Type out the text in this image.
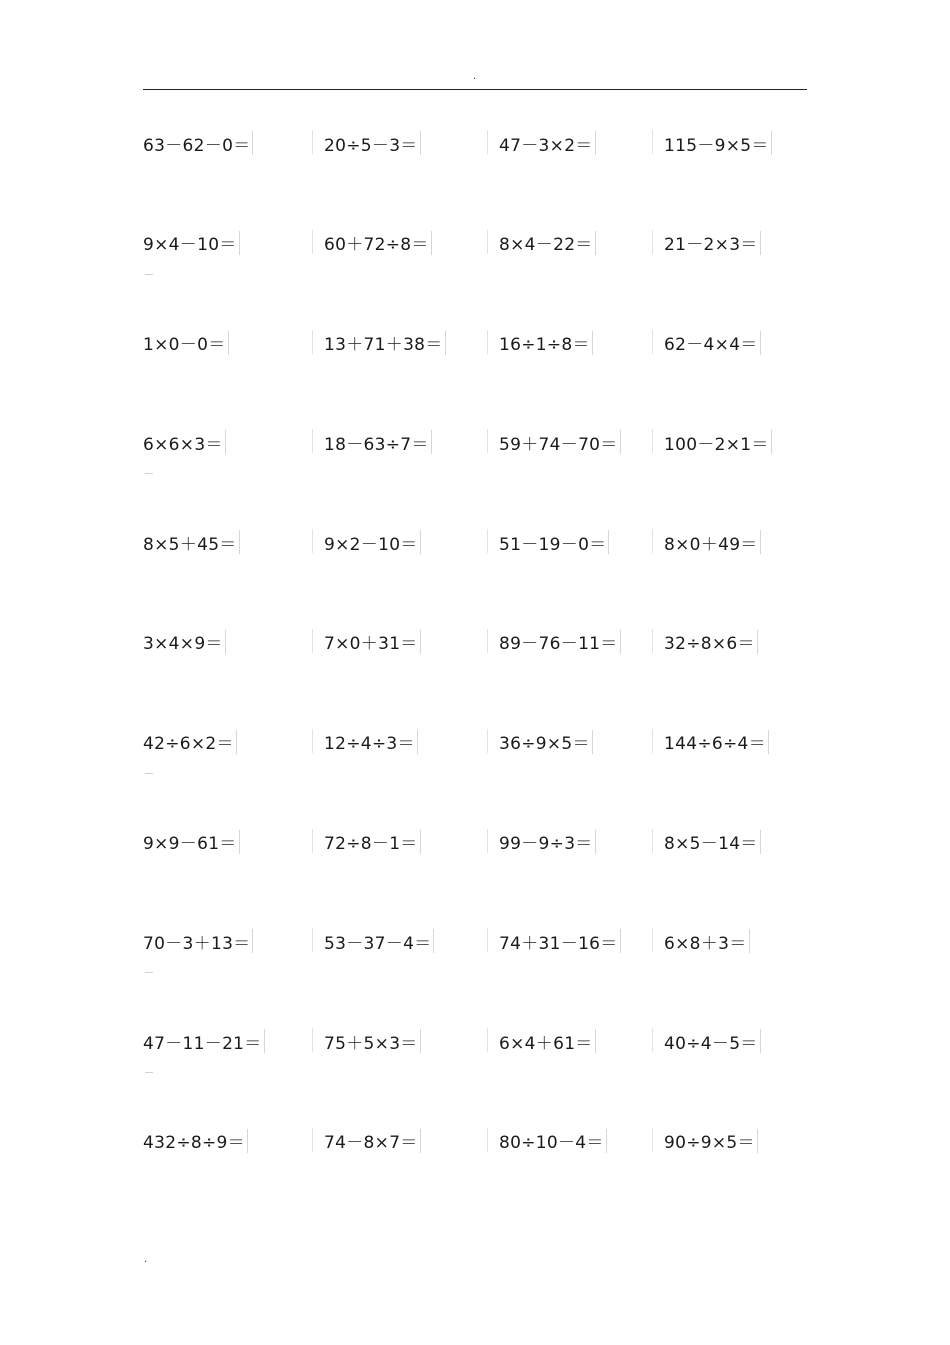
.
63－62－0＝	20÷5－3＝	47－3×2＝	115－9×5＝
9×4－10＝	60＋72÷8＝	8×4－22＝	21－2×3＝
1×0－0＝	13＋71＋38＝	16÷1÷8＝	62－4×4＝
6×6×3＝	18－63÷7＝	59＋74－70＝	100－2×1＝
8×5＋45＝	9×2－10＝	51－19－0＝	8×0＋49＝
3×4×9＝	7×0＋31＝	89－76－11＝	32÷8×6＝
42÷6×2＝	12÷4÷3＝	36÷9×5＝	144÷6÷4＝
9×9－61＝	72÷8－1＝	99－9÷3＝	8×5－14＝
70－3＋13＝	53－37－4＝	74＋31－16＝	6×8＋3＝
47－11－21＝	75＋5×3＝	6×4＋61＝	40÷4－5＝
432÷8÷9＝	74－8×7＝	80÷10－4＝	90÷9×5＝
.
